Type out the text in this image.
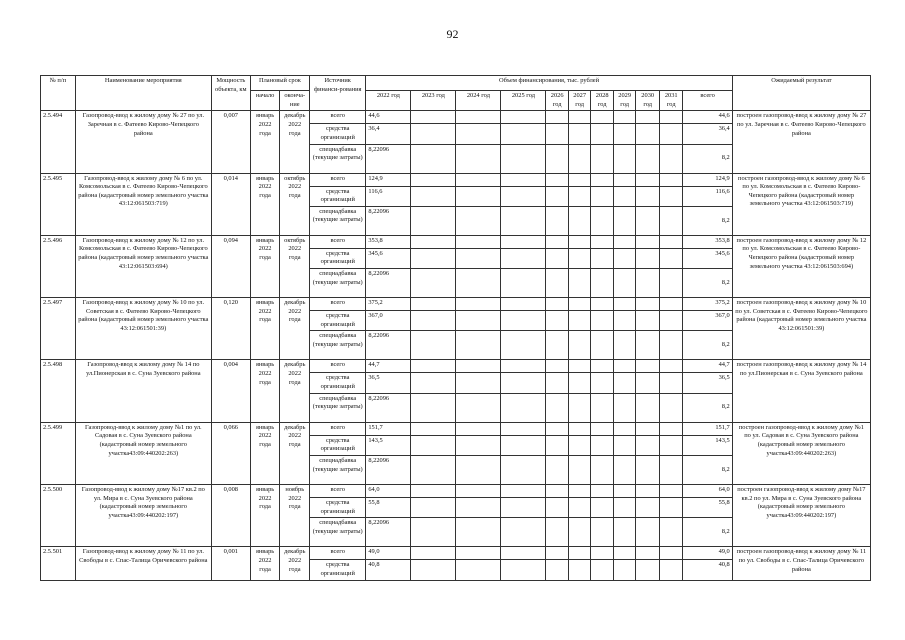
92
№ п/п	Наименование мероприятия	Мощность объекта, км	Плановый срок		Источник финанси-рования	Объем финансирования, тыс. рублей											Ожидаемый результат
			начало	оконча-ние		2022 год	2023 год	2024 год	2025 год	2026 год	2027 год	2028 год	2029 год	2030 год	2031 год	всего	

2.5.494	Газопровод-ввод к жилому дому № 27 по ул. Заречная в с. Фатеево Кирово-Чепецкого района	0,007	январь 2022 года	декабрь 2022 года	всего	44,6										44,6	построен газопровод-ввод к жилому дому № 27 по ул. Заречная в с. Фатеево Кирово-Чепецкого района
					средства организаций	36,4										36,4	
					спецнадбавка (текущие затраты)	8,22096										8,2	
2.5.495	Газопровод-ввод к жилому дому № 6 по ул. Комсомольская в с. Фатеево Кирово-Чепецкого района (кадастровый номер земельного участка 43:12:061503:719)	0,014	январь 2022 года	октябрь 2022 года	всего	124,9										124,9	построен газопровод-ввод к жилому дому № 6 по ул. Комсомольская в с. Фатеево Кирово-Чепецкого района (кадастровый номер земельного участка 43:12:061503:719)
					средства организаций	116,6										116,6	
					спецнадбавка (текущие затраты)	8,22096										8,2	
2.5.496	Газопровод-ввод к жилому дому № 12 по ул. Комсомольская в с. Фатеево Кирово-Чепецкого района (кадастровый номер земельного участка 43:12:061503:694)	0,094	январь 2022 года	октябрь 2022 года	всего	353,8										353,8	построен газопровод-ввод к жилому дому № 12 по ул. Комсомольская в с. Фатеево Кирово-Чепецкого района (кадастровый номер земельного участка 43:12:061503:694)
					средства организаций	345,6										345,6	
					спецнадбавка (текущие затраты)	8,22096										8,2	
2.5.497	Газопровод-ввод к жилому дому № 10 по ул. Советская в с. Фатеево Кирово-Чепецкого района (кадастровый номер земельного участка 43:12:061501:39)	0,120	январь 2022 года	декабрь 2022 года	всего	375,2										375,2	построен газопровод-ввод к жилому дому № 10 по ул. Советская в с. Фатеево Кирово-Чепецкого района (кадастровый номер земельного участка 43:12:061501:39)
					средства организаций	367,0										367,0	
					спецнадбавка (текущие затраты)	8,22096										8,2	
2.5.498	Газопровод-ввод к жилому дому № 14 по ул.Пионерская в с. Суна Зуевского района	0,004	январь 2022 года	декабрь 2022 года	всего	44,7										44,7	построен газопровод-ввод к жилому дому № 14 по ул.Пионерская в с. Суна Зуевского района
					средства организаций	36,5										36,5	
					спецнадбавка (текущие затраты)	8,22096										8,2	
2.5.499	Газопровод-ввод к жилому дому №1 по ул. Садовая в с. Суна Зуевского района (кадастровый номер земельного участка43:09:440202:263)	0,066	январь 2022 года	декабрь 2022 года	всего	151,7										151,7	построен газопровод-ввод к жилому дому №1 по ул. Садовая в с. Суна Зуевского района (кадастровый номер земельного участка43:09:440202:263)
					средства организаций	143,5										143,5	
					спецнадбавка (текущие затраты)	8,22096										8,2	
2.5.500	Газопровод-ввод к жилому дому №17 кв.2 по ул. Мира в с. Суна Зуевского района (кадастровый номер земельного участка43:09:440202:197)	0,008	январь 2022 года	ноябрь 2022 года	всего	64,0										64,0	построен газопровод-ввод к жилому дому №17 кв.2 по ул. Мира в с. Суна Зуевского района (кадастровый номер земельного участка43:09:440202:197)
					средства организаций	55,8										55,8	
					спецнадбавка (текущие затраты)	8,22096										8,2	
2.5.501	Газопровод-ввод к жилому дому № 11 по ул. Свободы в с. Спас-Талица Оричевского района	0,001	январь 2022 года	декабрь 2022 года	всего	49,0										49,0	построен газопровод-ввод к жилому дому № 11 по ул. Свободы в с. Спас-Талица Оричевского района
					средства организаций	40,8										40,8	
